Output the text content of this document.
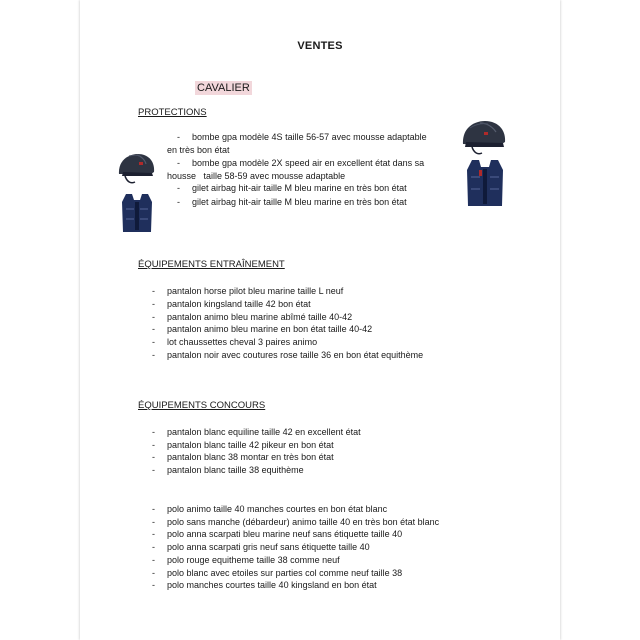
VENTES
CAVALIER
PROTECTIONS
- bombe gpa modèle 4S taille 56-57 avec mousse adaptable
en très bon état
- bombe gpa modèle 2X speed air en excellent état dans sa
housse   taille 58-59 avec mousse adaptable
- gilet airbag hit-air taille M bleu marine en très bon état
- gilet airbag hit-air taille M bleu marine en très bon état
ÉQUIPEMENTS ENTRAÎNEMENT
- pantalon horse pilot bleu marine taille L neuf
- pantalon kingsland taille 42 bon état
- pantalon animo bleu marine abîmé taille 40-42
- pantalon animo bleu marine en bon état taille 40-42
- lot chaussettes cheval 3 paires animo
- pantalon noir avec coutures rose taille 36 en bon état equithème
ÉQUIPEMENTS CONCOURS
- pantalon blanc equiline taille 42 en excellent état
- pantalon blanc taille 42 pikeur en bon état
- pantalon blanc 38 montar en très bon état
- pantalon blanc taille 38 equithème
- polo animo taille 40 manches courtes en bon état blanc
- polo sans manche (débardeur) animo taille 40 en très bon état blanc
- polo anna scarpati bleu marine neuf sans étiquette taille 40
- polo anna scarpati gris neuf sans étiquette taille 40
- polo rouge equitheme taille 38 comme neuf
- polo blanc avec etoiles sur parties col comme neuf taille 38
- polo manches courtes taille 40 kingsland en bon état
